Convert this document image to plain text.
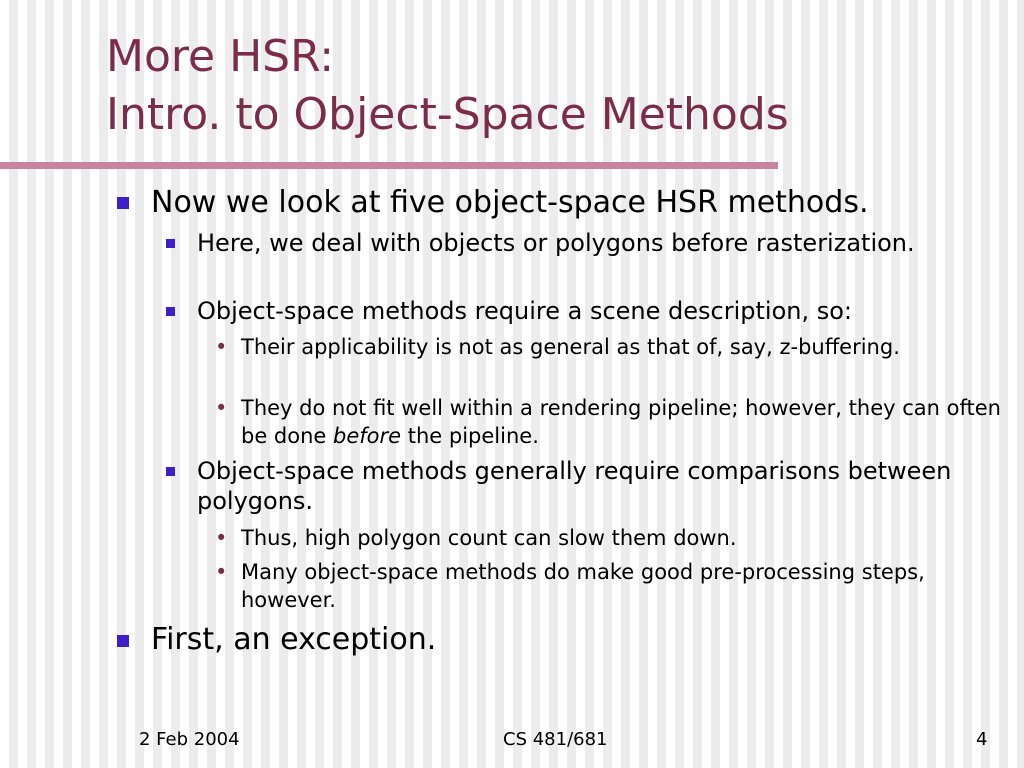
More HSR:
Intro. to Object-Space Methods

Now we look at five object-space HSR methods.

Here, we deal with objects or polygons before rasterization.

Object-space methods require a scene description, so:

• Their applicability is not as general as that of, say, z-buffering.

• They do not fit well within a rendering pipeline; however, they can often be done before the pipeline.

Object-space methods generally require comparisons between polygons.

• Thus, high polygon count can slow them down.

• Many object-space methods do make good pre-processing steps, however.

First, an exception.

2 Feb 2004	CS 481/681	4
